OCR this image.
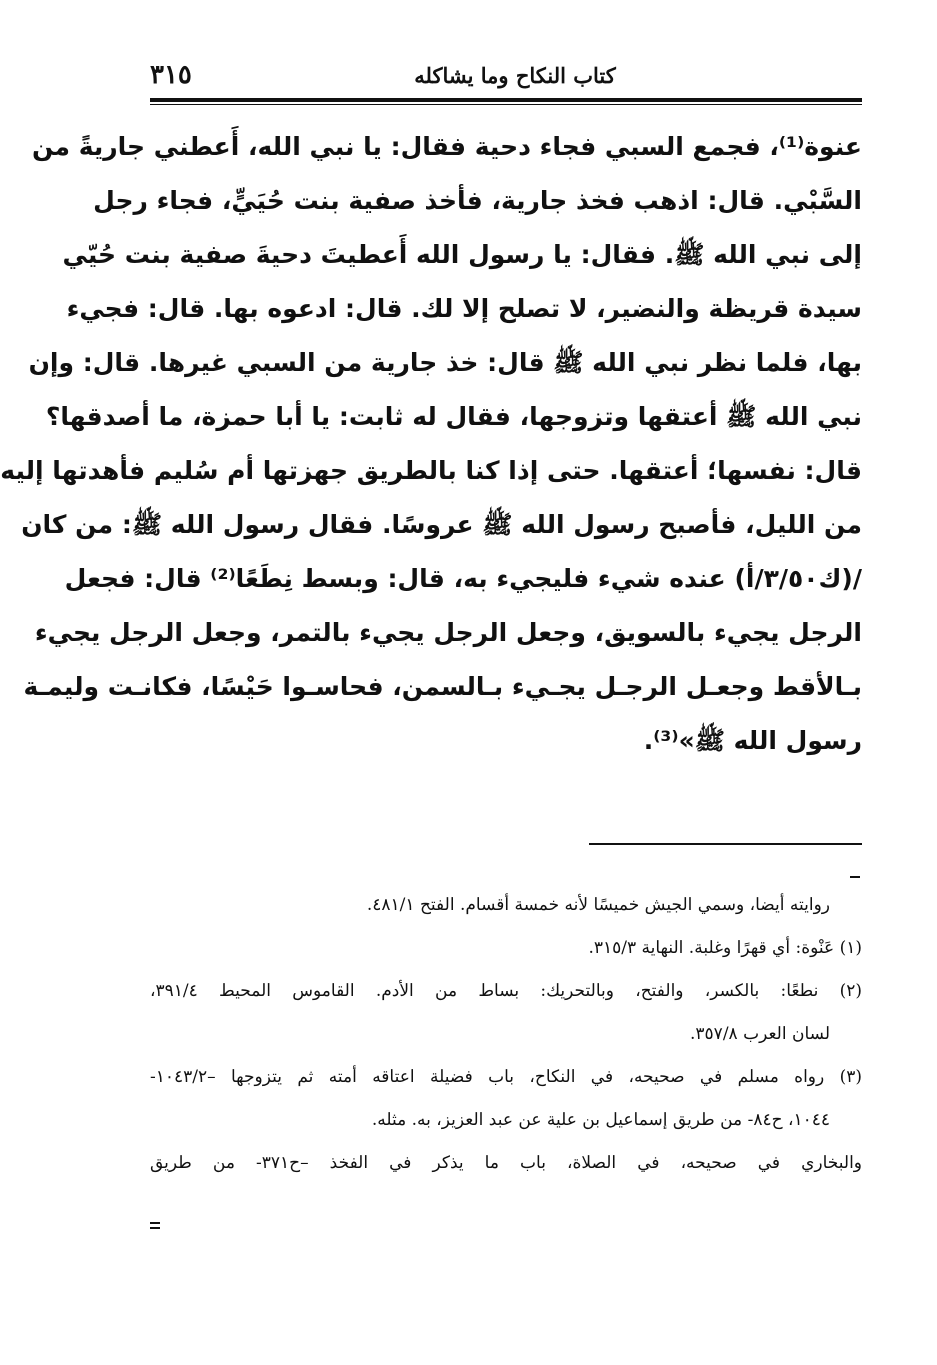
كتاب النكاح وما يشاكله
٣١٥
عنوة⁽¹⁾، فجمع السبي فجاء دحية فقال: يا نبي الله، أَعطني جاريةً من
السَّبْي. قال: اذهب فخذ جارية، فأخذ صفية بنت حُيَيٍّ، فجاء رجل
إلى نبي الله ﷺ. فقال: يا رسول الله أَعطيتَ دحيةَ صفية بنت حُيّي
سيدة قريظة والنضير، لا تصلح إلا لك. قال: ادعوه بها. قال: فجيء
بها، فلما نظر نبي الله ﷺ قال: خذ جارية من السبي غيرها. قال: وإن
نبي الله ﷺ أعتقها وتزوجها، فقال له ثابت: يا أبا حمزة، ما أصدقها؟
قال: نفسها؛ أعتقها. حتى إذا كنا بالطريق جهزتها أم سُليم فأهدتها إليه
من الليل، فأصبح رسول الله ﷺ عروسًا. فقال رسول الله ﷺ: من كان
/(ك٣/٥٠/أ) عنده شيء فليجيء به، قال: وبسط نِطَعًا⁽²⁾ قال: فجعل
الرجل يجيء بالسويق، وجعل الرجل يجيء بالتمر، وجعل الرجل يجيء
بـالأقط وجعـل الرجـل يجـيء بـالسمن، فحاسـوا حَيْسًا، فكانـت وليمـة
رسول الله ﷺ»⁽³⁾.
روايته أيضا، وسمي الجيش خميسًا لأنه خمسة أقسام. الفتح ٤٨١/١.
(١) عَنْوة: أي قهرًا وغلبة. النهاية ٣١٥/٣.
(٢) نطعًا: بالكسر، والفتح، وبالتحريك: بساط من الأدم. القاموس المحيط ٣٩١/٤،
لسان العرب ٣٥٧/٨.
(٣) رواه مسلم في صحيحه، في النكاح، باب فضيلة اعتاقه أمته ثم يتزوجها –١٠٤٣/٢-
١٠٤٤، ح٨٤- من طريق إسماعيل بن علية عن عبد العزيز، به. مثله.
والبخاري في صحيحه، في الصلاة، باب ما يذكر في الفخذ –ح٣٧١- من طريق
